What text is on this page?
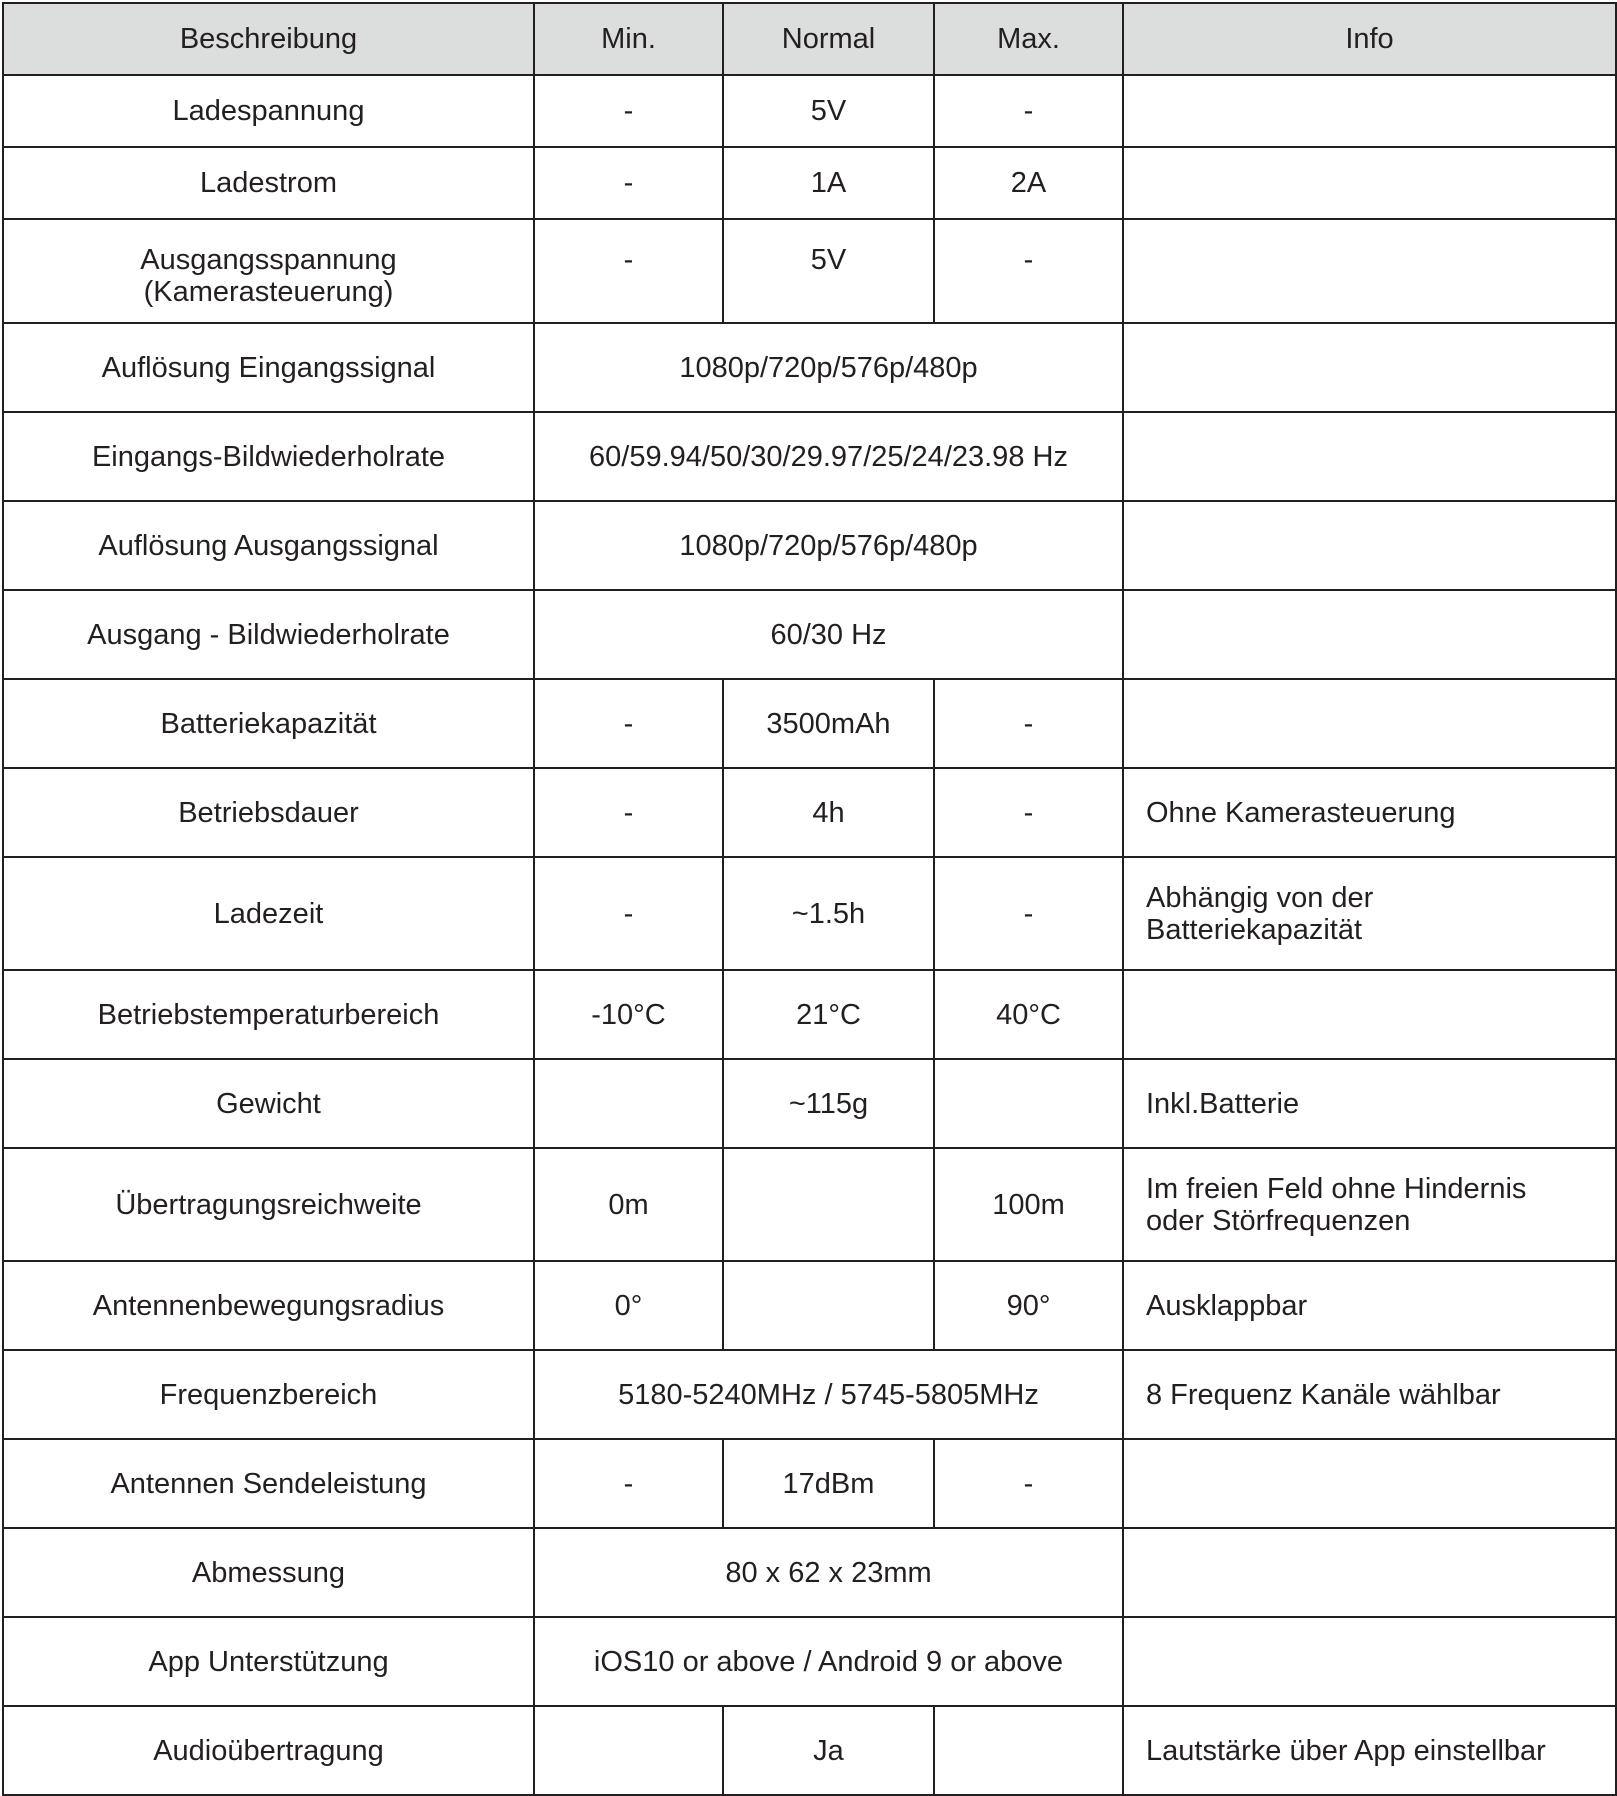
Beschreibung	Min.	Normal	Max.	Info
Ladespannung	-	5V	-	
Ladestrom	-	1A	2A	

Ausgangsspannung
(Kamerasteuerung)	-	5V	-	
Auflösung Eingangssignal	1080p/720p/576p/480p			
Eingangs-Bildwiederholrate	60/59.94/50/30/29.97/25/24/23.98 Hz			
Auflösung Ausgangssignal	1080p/720p/576p/480p			
Ausgang - Bildwiederholrate	60/30 Hz			
Batteriekapazität	-	3500mAh	-	
Betriebsdauer	-	4h	-	Ohne Kamerasteuerung
Ladezeit	-	~1.5h	-	Abhängig von der
Batteriekapazität

Betriebstemperaturbereich	-10°C	21°C	40°C	
Gewicht		~115g		Inkl.Batterie
Übertragungsreichweite	0m		100m	Im freien Feld ohne Hindernis
oder Störfrequenzen

Antennenbewegungsradius	0°		90°	Ausklappbar
Frequenzbereich	5180-5240MHz / 5745-5805MHz			8 Frequenz Kanäle wählbar
Antennen Sendeleistung	-	17dBm	-	
Abmessung	80 x 62 x 23mm			
App Unterstützung	iOS10 or above / Android 9 or above			
Audioübertragung		Ja		Lautstärke über App einstellbar
